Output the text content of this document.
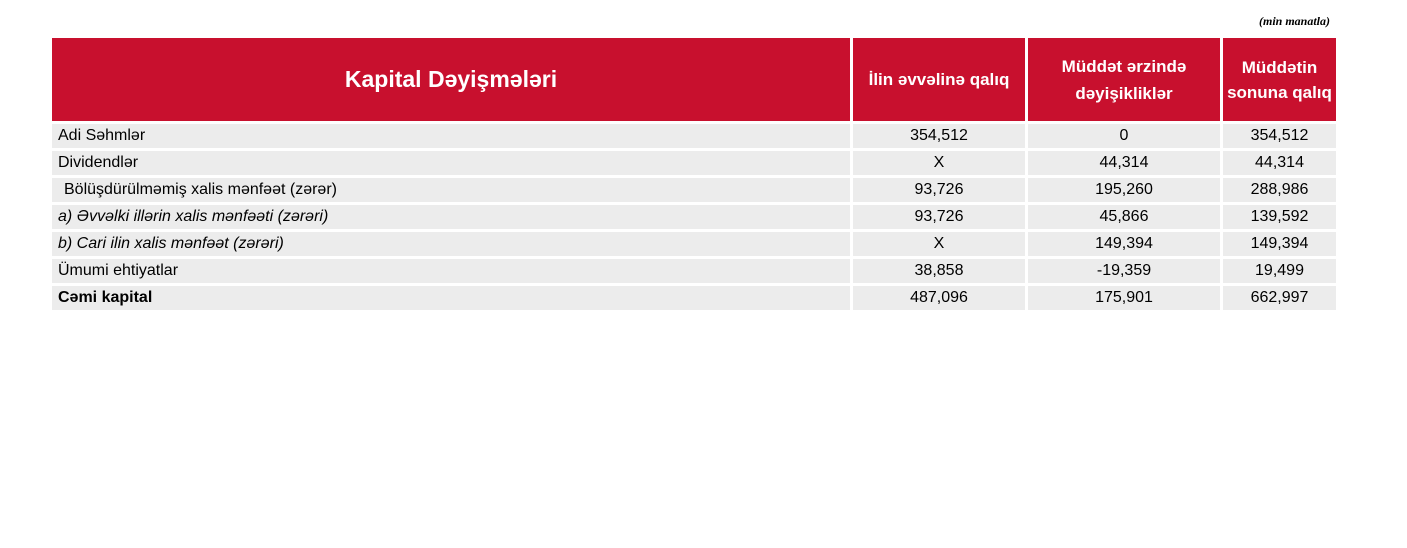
(min manatla)
Kapital Dəyişmələri	İlin əvvəlinə qalıq	Müddət ərzində dəyişikliklər	Müddətin sonuna qalıq
Adi Səhmlər	354,512	0	354,512
Dividendlər	X	44,314	44,314
Bölüşdürülməmiş xalis mənfəət (zərər)	93,726	195,260	288,986
a) Əvvəlki illərin xalis mənfəəti (zərəri)	93,726	45,866	139,592
b) Cari ilin xalis mənfəət (zərəri)	X	149,394	149,394
Ümumi ehtiyatlar	38,858	-19,359	19,499
Cəmi kapital	487,096	175,901	662,997
